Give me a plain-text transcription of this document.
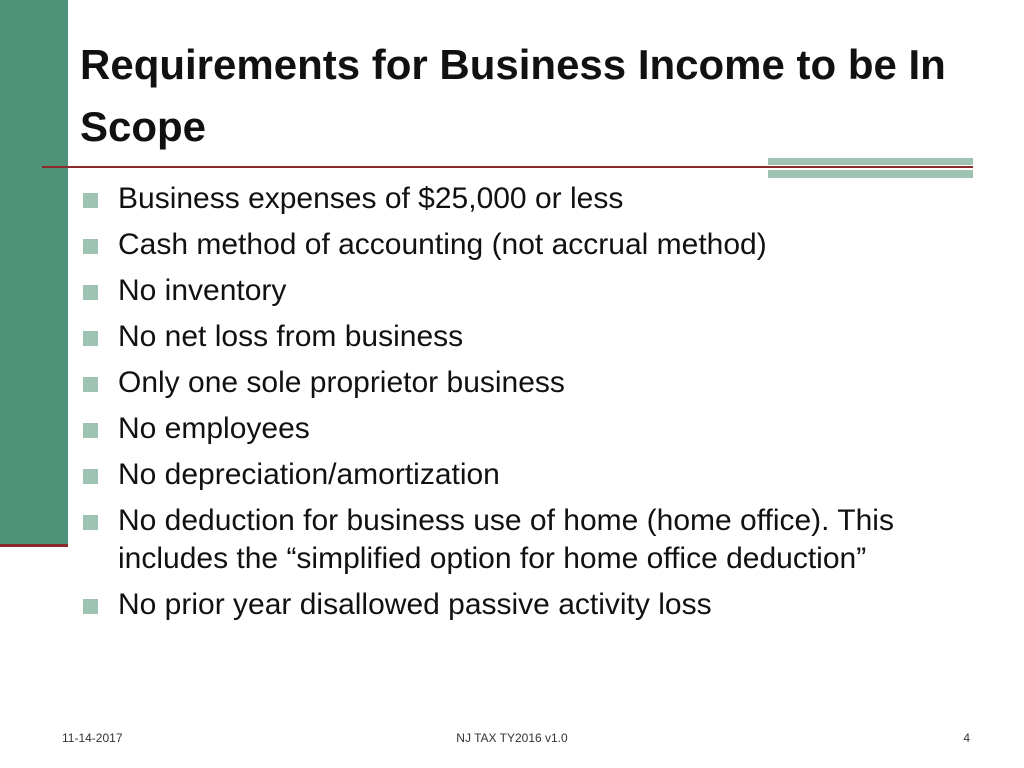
Requirements for Business Income to be In Scope
Business expenses of $25,000 or less
Cash method of accounting (not accrual method)
No inventory
No net loss from business
Only one sole proprietor business
No employees
No depreciation/amortization
No deduction for business use of home (home office). This includes the “simplified option for home office deduction”
No prior year disallowed passive activity loss
11-14-2017	NJ TAX TY2016 v1.0	4
